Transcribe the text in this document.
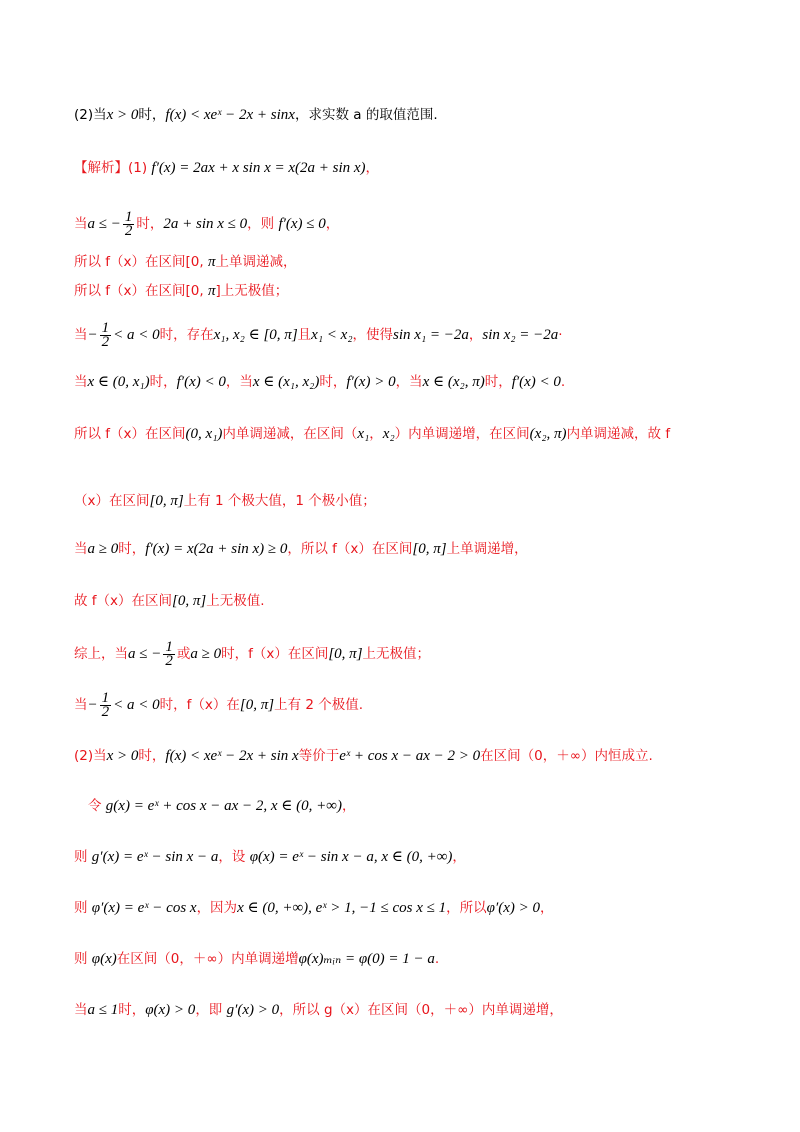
(2)当x > 0时，f(x) < xeˣ − 2x + sinx，求实数 a 的取值范围.
【解析】(1) f′(x) = 2ax + x sin x = x(2a + sin x)，
当a ≤ − $\frac{1}{2}$ 时，2a + sin x ≤ 0，则 f′(x) ≤ 0，
所以 f（x）在区间[0, π上单调递减，
所以 f（x）在区间[0, π]上无极值；
当− $\frac{1}{2} < a < 0$时，存在x₁, x₂ ∈ [0, π]且x₁ < x₂，使得sin x₁ = −2a，sin x₂ = −2a·
当x ∈ (0, x₁)时，f′(x) < 0，当x ∈ (x₁, x₂)时，f′(x) > 0，当x ∈ (x₂, π)时，f′(x) < 0.
所以 f（x）在区间(0, x₁)内单调递减，在区间（x₁，x₂）内单调递增，在区间(x₂, π)内单调递减，故 f
（x）在区间[0, π]上有 1 个极大值，1 个极小值；
当a ≥ 0时，f′(x) = x(2a + sin x) ≥ 0，所以 f（x）在区间[0, π]上单调递增，
故 f（x）在区间[0, π]上无极值.
综上，当a ≤ − $\frac{1}{2}$ 或a ≥ 0时，f（x）在区间[0, π]上无极值；
当− $\frac{1}{2} < a < 0$时，f（x）在[0, π]上有 2 个极值.
(2)当x > 0时，f(x) < xeˣ − 2x + sin x等价于eˣ + cos x − ax − 2 > 0在区间（0，＋∞）内恒成立.
令 g(x) = eˣ + cos x − ax − 2, x ∈ (0, +∞)，
则 g′(x) = eˣ − sin x − a，设 φ(x) = eˣ − sin x − a, x ∈ (0, +∞)，
则 φ′(x) = eˣ − cos x，因为x ∈ (0, +∞), eˣ > 1, −1 ≤ cos x ≤ 1，所以φ′(x) > 0，
则 φ(x)在区间（0，＋∞）内单调递增φ(x)ₘᵢₙ = φ(0) = 1 − a.
当a ≤ 1时，φ(x) > 0，即 g′(x) > 0，所以 g（x）在区间（0，＋∞）内单调递增，
